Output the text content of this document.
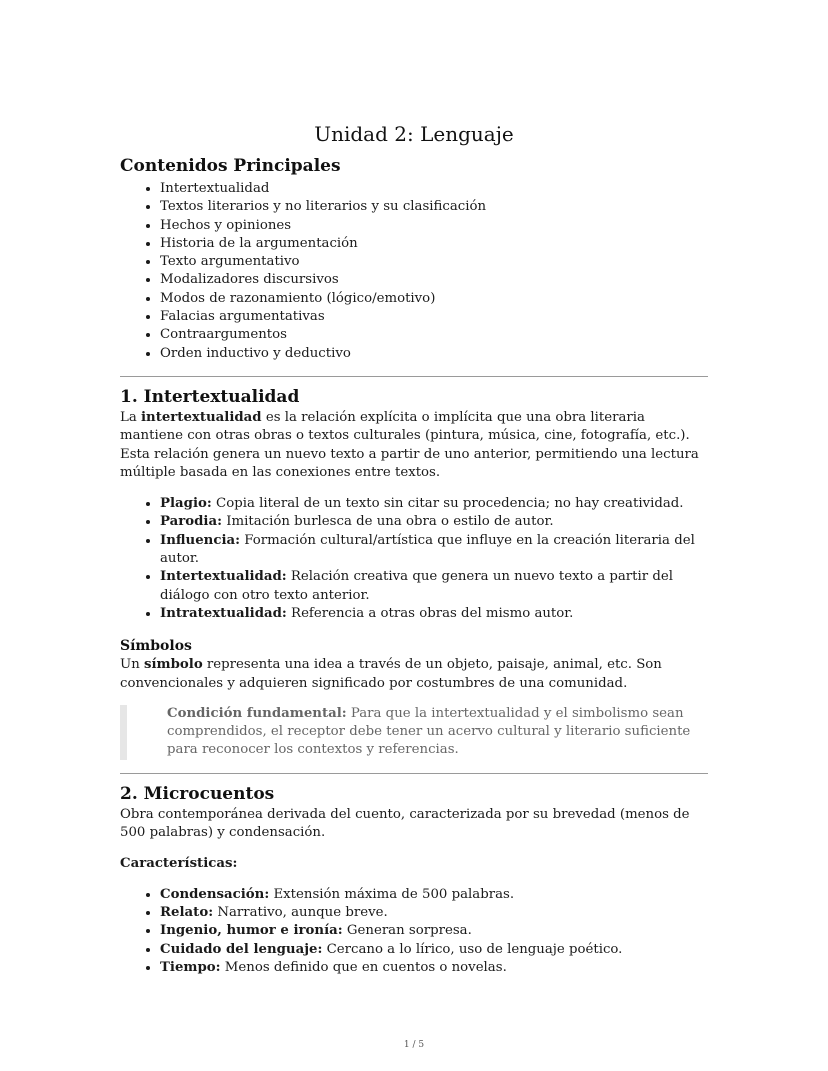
Unidad 2: Lenguaje
Contenidos Principales
• Intertextualidad
• Textos literarios y no literarios y su clasificación
• Hechos y opiniones
• Historia de la argumentación
• Texto argumentativo
• Modalizadores discursivos
• Modos de razonamiento (lógico/emotivo)
• Falacias argumentativas
• Contraargumentos
• Orden inductivo y deductivo
1. Intertextualidad

La intertextualidad es la relación explícita o implícita que una obra literaria mantiene con otras obras o textos culturales (pintura, música, cine, fotografía, etc.). Esta relación genera un nuevo texto a partir de uno anterior, permitiendo una lectura múltiple basada en las conexiones entre textos.

• Plagio: Copia literal de un texto sin citar su procedencia; no hay creatividad.
• Parodia: Imitación burlesca de una obra o estilo de autor.
• Influencia: Formación cultural/artística que influye en la creación literaria del autor.
• Intertextualidad: Relación creativa que genera un nuevo texto a partir del diálogo con otro texto anterior.
• Intratextualidad: Referencia a otras obras del mismo autor.
Símbolos

Un símbolo representa una idea a través de un objeto, paisaje, animal, etc. Son convencionales y adquieren significado por costumbres de una comunidad.

Condición fundamental: Para que la intertextualidad y el simbolismo sean comprendidos, el receptor debe tener un acervo cultural y literario suficiente para reconocer los contextos y referencias.
2. Microcuentos

Obra contemporánea derivada del cuento, caracterizada por su brevedad (menos de 500 palabras) y condensación.

Características:

• Condensación: Extensión máxima de 500 palabras.
• Relato: Narrativo, aunque breve.
• Ingenio, humor e ironía: Generan sorpresa.
• Cuidado del lenguaje: Cercano a lo lírico, uso de lenguaje poético.
• Tiempo: Menos definido que en cuentos o novelas.
1 / 5
